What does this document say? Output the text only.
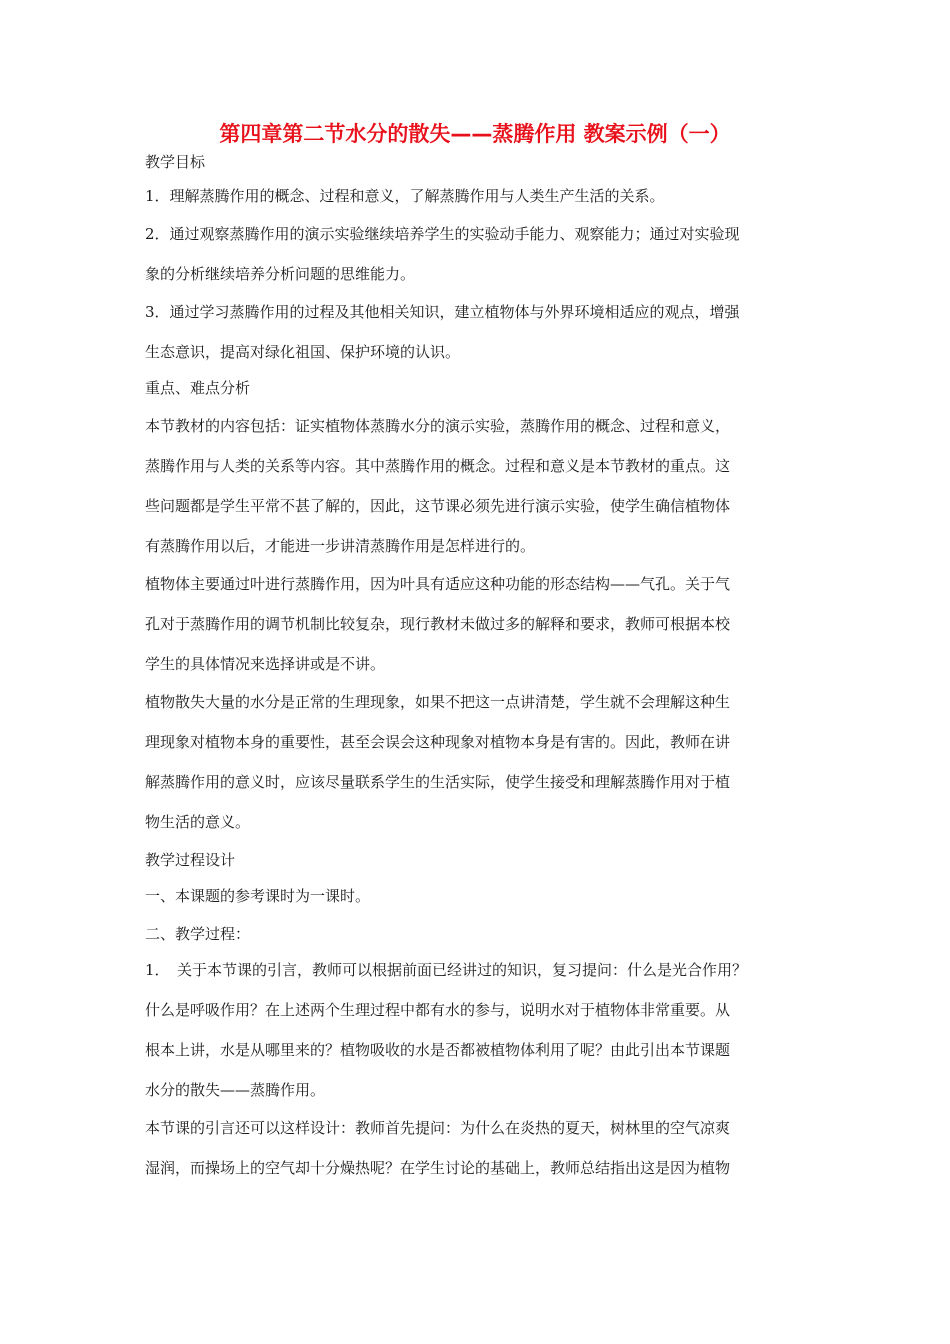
第四章第二节水分的散失——蒸腾作用 教案示例（一）
教学目标
1．理解蒸腾作用的概念、过程和意义，了解蒸腾作用与人类生产生活的关系。
2．通过观察蒸腾作用的演示实验继续培养学生的实验动手能力、观察能力；通过对实验现
象的分析继续培养分析问题的思维能力。
3．通过学习蒸腾作用的过程及其他相关知识，建立植物体与外界环境相适应的观点，增强
生态意识，提高对绿化祖国、保护环境的认识。
重点、难点分析
本节教材的内容包括：证实植物体蒸腾水分的演示实验，蒸腾作用的概念、过程和意义，
蒸腾作用与人类的关系等内容。其中蒸腾作用的概念。过程和意义是本节教材的重点。这
些问题都是学生平常不甚了解的，因此，这节课必须先进行演示实验，使学生确信植物体
有蒸腾作用以后，才能进一步讲清蒸腾作用是怎样进行的。
植物体主要通过叶进行蒸腾作用，因为叶具有适应这种功能的形态结构——气孔。关于气
孔对于蒸腾作用的调节机制比较复杂，现行教材未做过多的解释和要求，教师可根据本校
学生的具体情况来选择讲或是不讲。
植物散失大量的水分是正常的生理现象，如果不把这一点讲清楚，学生就不会理解这种生
理现象对植物本身的重要性，甚至会误会这种现象对植物本身是有害的。因此，教师在讲
解蒸腾作用的意义时，应该尽量联系学生的生活实际，使学生接受和理解蒸腾作用对于植
物生活的意义。
教学过程设计
一、本课题的参考课时为一课时。
二、教学过程：
1．　关于本节课的引言，教师可以根据前面已经讲过的知识，复习提问：什么是光合作用？
什么是呼吸作用？在上述两个生理过程中都有水的参与，说明水对于植物体非常重要。从
根本上讲，水是从哪里来的？植物吸收的水是否都被植物体利用了呢？由此引出本节课题
水分的散失——蒸腾作用。
本节课的引言还可以这样设计：教师首先提问：为什么在炎热的夏天，树林里的空气凉爽
湿润，而操场上的空气却十分燥热呢？在学生讨论的基础上，教师总结指出这是因为植物
